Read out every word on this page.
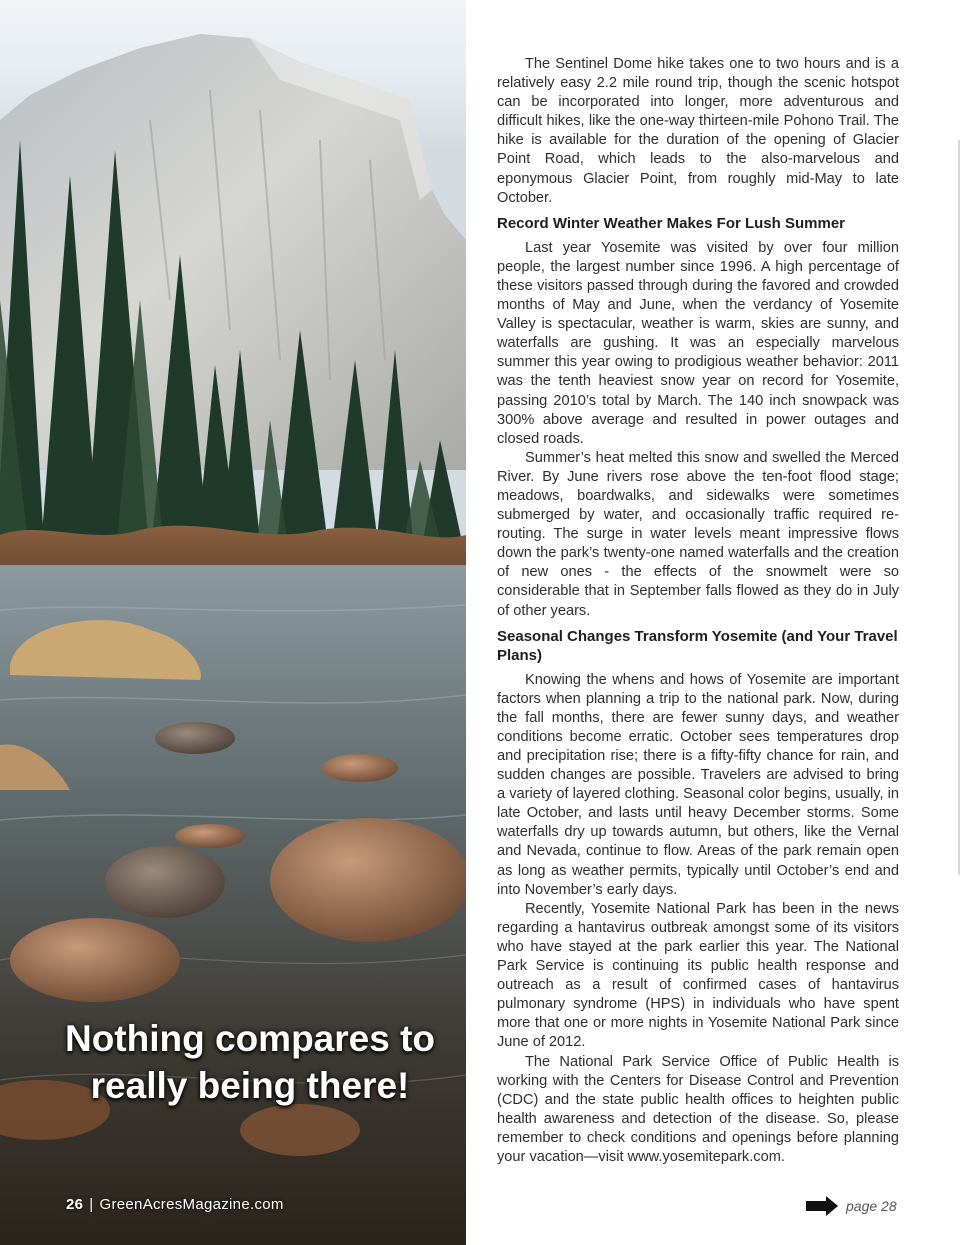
Nothing compares to
really being there!
26 | GreenAcresMagazine.com

The Sentinel Dome hike takes one to two hours and is a relatively easy 2.2 mile round trip, though the scenic hotspot can be incorporated into longer, more adventurous and difficult hikes, like the one-way thirteen-mile Pohono Trail. The hike is available for the duration of the opening of Glacier Point Road, which leads to the also-marvelous and eponymous Glacier Point, from roughly mid-May to late October.

Record Winter Weather Makes For Lush Summer

Last year Yosemite was visited by over four million people, the largest number since 1996. A high percentage of these visitors passed through during the favored and crowded months of May and June, when the verdancy of Yosemite Valley is spectacular, weather is warm, skies are sunny, and waterfalls are gushing. It was an especially marvelous summer this year owing to prodigious weather behavior: 2011 was the tenth heaviest snow year on record for Yosemite, passing 2010’s total by March. The 140 inch snowpack was 300% above average and resulted in power outages and closed roads.

Summer’s heat melted this snow and swelled the Merced River. By June rivers rose above the ten-foot flood stage; meadows, boardwalks, and sidewalks were sometimes submerged by water, and occasionally traffic required re-routing. The surge in water levels meant impressive flows down the park’s twenty-one named waterfalls and the creation of new ones - the effects of the snowmelt were so considerable that in September falls flowed as they do in July of other years.

Seasonal Changes Transform Yosemite (and Your Travel Plans)

Knowing the whens and hows of Yosemite are important factors when planning a trip to the national park. Now, during the fall months, there are fewer sunny days, and weather conditions become erratic. October sees temperatures drop and precipitation rise; there is a fifty-fifty chance for rain, and sudden changes are possible. Travelers are advised to bring a variety of layered clothing. Seasonal color begins, usually, in late October, and lasts until heavy December storms. Some waterfalls dry up towards autumn, but others, like the Vernal and Nevada, continue to flow. Areas of the park remain open as long as weather permits, typically until October’s end and into November’s early days.

Recently, Yosemite National Park has been in the news regarding a hantavirus outbreak amongst some of its visitors who have stayed at the park earlier this year. The National Park Service is continuing its public health response and outreach as a result of confirmed cases of hantavirus pulmonary syndrome (HPS) in individuals who have spent more that one or more nights in Yosemite National Park since June of 2012.

The National Park Service Office of Public Health is working with the Centers for Disease Control and Prevention (CDC) and the state public health offices to heighten public health awareness and detection of the disease. So, please remember to check conditions and openings before planning your vacation—visit www.yosemitepark.com.

page 28
